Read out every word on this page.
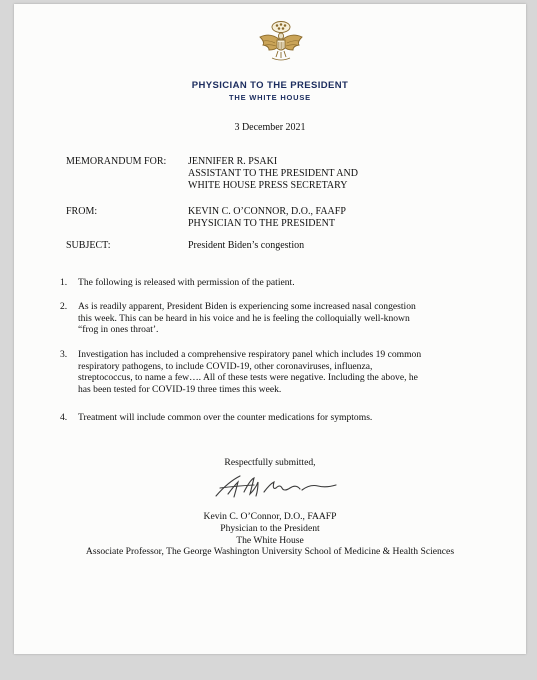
PHYSICIAN TO THE PRESIDENT
THE WHITE HOUSE
3 December 2021
MEMORANDUM FOR: JENNIFER R. PSAKI
ASSISTANT TO THE PRESIDENT AND
WHITE HOUSE PRESS SECRETARY
FROM:	KEVIN C. O’CONNOR, D.O., FAAFP
PHYSICIAN TO THE PRESIDENT
SUBJECT:	President Biden’s congestion
1. The following is released with permission of the patient.
2. As is readily apparent, President Biden is experiencing some increased nasal congestion
this week. This can be heard in his voice and he is feeling the colloquially well-known
“frog in ones throat’.
3. Investigation has included a comprehensive respiratory panel which includes 19 common
respiratory pathogens, to include COVID-19, other coronaviruses, influenza,
streptococcus, to name a few…. All of these tests were negative. Including the above, he
has been tested for COVID-19 three times this week.
4. Treatment will include common over the counter medications for symptoms.
Respectfully submitted,
Kevin C. O’Connor, D.O., FAAFP
Physician to the President
The White House
Associate Professor, The George Washington University School of Medicine & Health Sciences
